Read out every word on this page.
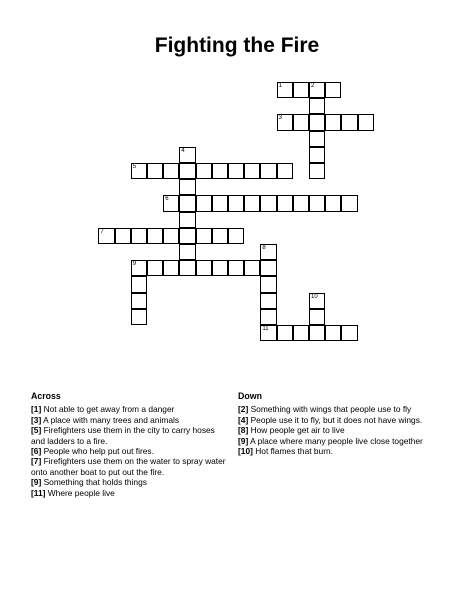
Fighting the Fire
1	2
3
4
5
6
7
8
11
9
10
Across
[1] Not able to get away from a danger
[3] A place with many trees and animals
[5] Firefighters use them in the city to carry hoses and ladders to a fire.
[6] People who help put out fires.
[7] Firefighters use them on the water to spray water onto another boat to put out the fire.
[9] Something that holds things
[11] Where people live
Down
[2] Something with wings that people use to fly
[4] People use it to fly, but it does not have wings.
[8] How people get air to live
[9] A place where many people live close together
[10] Hot flames that burn.
